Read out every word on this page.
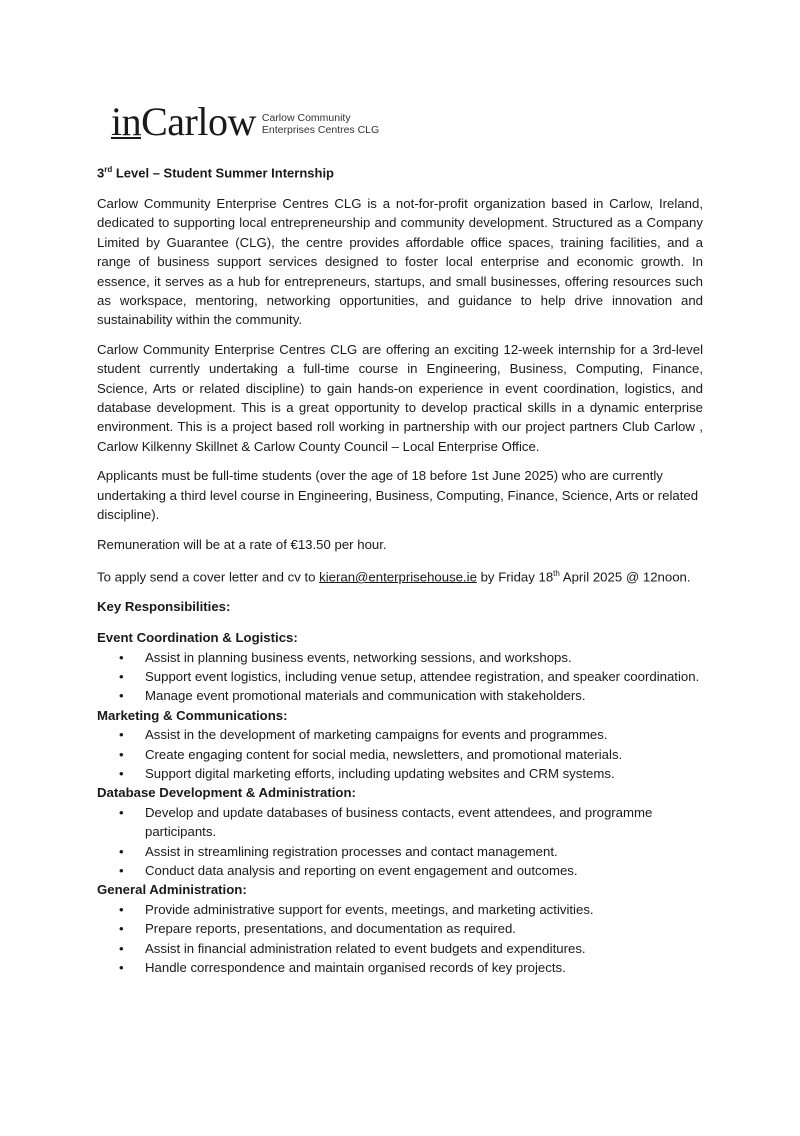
inCarlow Carlow Community
Enterprises Centres CLG
3rd Level – Student Summer Internship

Carlow Community Enterprise Centres CLG is a not-for-profit organization based in Carlow, Ireland, dedicated to supporting local entrepreneurship and community development. Structured as a Company Limited by Guarantee (CLG), the centre provides affordable office spaces, training facilities, and a range of business support services designed to foster local enterprise and economic growth. In essence, it serves as a hub for entrepreneurs, startups, and small businesses, offering resources such as workspace, mentoring, networking opportunities, and guidance to help drive innovation and sustainability within the community.

Carlow Community Enterprise Centres CLG are offering an exciting 12-week internship for a 3rd-level student currently undertaking a full-time course in Engineering, Business, Computing, Finance, Science, Arts or related discipline) to gain hands-on experience in event coordination, logistics, and database development. This is a great opportunity to develop practical skills in a dynamic enterprise environment. This is a project based roll working in partnership with our project partners Club Carlow , Carlow Kilkenny Skillnet & Carlow County Council – Local Enterprise Office.

Applicants must be full-time students (over the age of 18 before 1st June 2025) who are currently undertaking a third level course in Engineering, Business, Computing, Finance, Science, Arts or related discipline).

Remuneration will be at a rate of €13.50 per hour.

To apply send a cover letter and cv to kieran@enterprisehouse.ie by Friday 18th April 2025 @ 12noon.

Key Responsibilities:
Event Coordination & Logistics:
• Assist in planning business events, networking sessions, and workshops.
• Support event logistics, including venue setup, attendee registration, and speaker coordination.
• Manage event promotional materials and communication with stakeholders.
Marketing & Communications:
• Assist in the development of marketing campaigns for events and programmes.
• Create engaging content for social media, newsletters, and promotional materials.
• Support digital marketing efforts, including updating websites and CRM systems.
Database Development & Administration:
• Develop and update databases of business contacts, event attendees, and programme participants.
• Assist in streamlining registration processes and contact management.
• Conduct data analysis and reporting on event engagement and outcomes.
General Administration:
• Provide administrative support for events, meetings, and marketing activities.
• Prepare reports, presentations, and documentation as required.
• Assist in financial administration related to event budgets and expenditures.
• Handle correspondence and maintain organised records of key projects.
